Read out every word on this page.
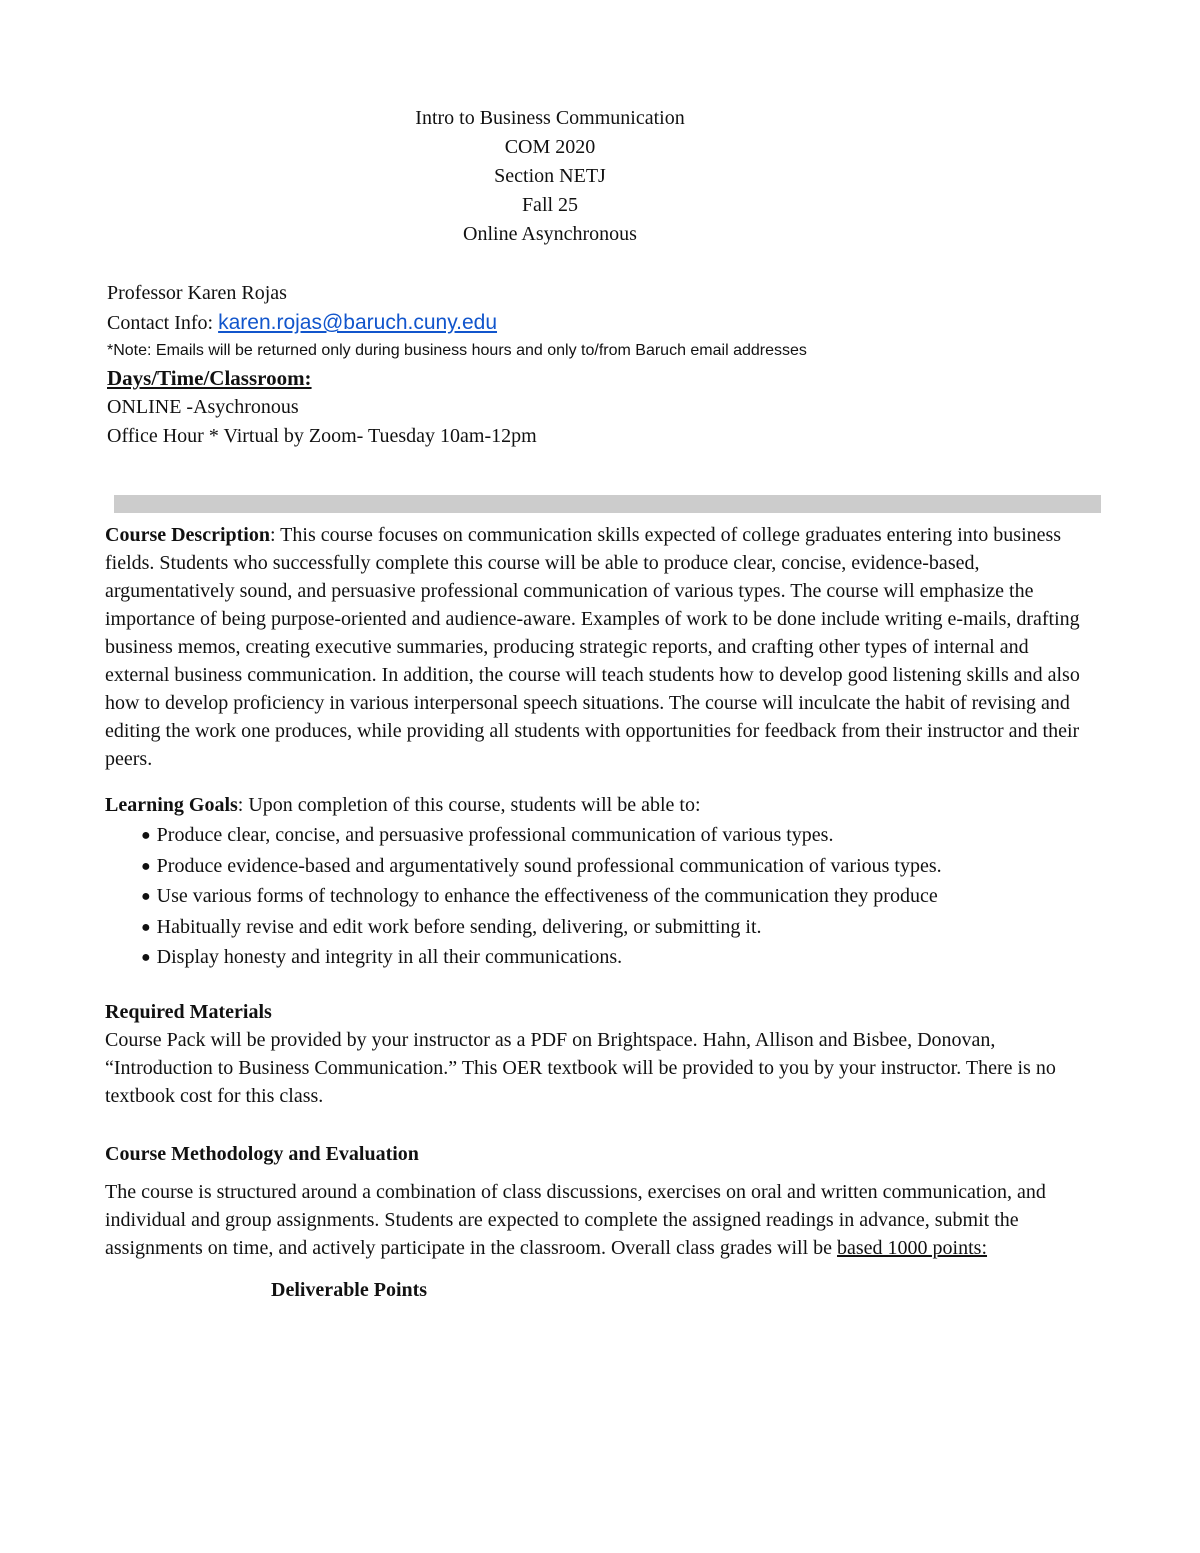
Intro to Business Communication
COM 2020
Section NETJ
Fall 25
Online Asynchronous
Professor Karen Rojas
Contact Info: karen.rojas@baruch.cuny.edu
*Note: Emails will be returned only during business hours and only to/from Baruch email addresses
Days/Time/Classroom:
ONLINE -Asychronous
Office Hour * Virtual by Zoom- Tuesday 10am-12pm

Course Description: This course focuses on communication skills expected of college graduates entering into business fields. Students who successfully complete this course will be able to produce clear, concise, evidence-based, argumentatively sound, and persuasive professional communication of various types. The course will emphasize the importance of being purpose-oriented and audience-aware. Examples of work to be done include writing e-mails, drafting business memos, creating executive summaries, producing strategic reports, and crafting other types of internal and external business communication. In addition, the course will teach students how to develop good listening skills and also how to develop proficiency in various interpersonal speech situations. The course will inculcate the habit of revising and editing the work one produces, while providing all students with opportunities for feedback from their instructor and their peers.

Learning Goals: Upon completion of this course, students will be able to:

● Produce clear, concise, and persuasive professional communication of various types.
● Produce evidence-based and argumentatively sound professional communication of various types.
● Use various forms of technology to enhance the effectiveness of the communication they produce
● Habitually revise and edit work before sending, delivering, or submitting it.
● Display honesty and integrity in all their communications.
Required Materials

Course Pack will be provided by your instructor as a PDF on Brightspace. Hahn, Allison and Bisbee, Donovan, “Introduction to Business Communication.” This OER textbook will be provided to you by your instructor. There is no textbook cost for this class.

Course Methodology and Evaluation

The course is structured around a combination of class discussions, exercises on oral and written communication, and individual and group assignments. Students are expected to complete the assigned readings in advance, submit the assignments on time, and actively participate in the classroom. Overall class grades will be based 1000 points:

Deliverable Points
